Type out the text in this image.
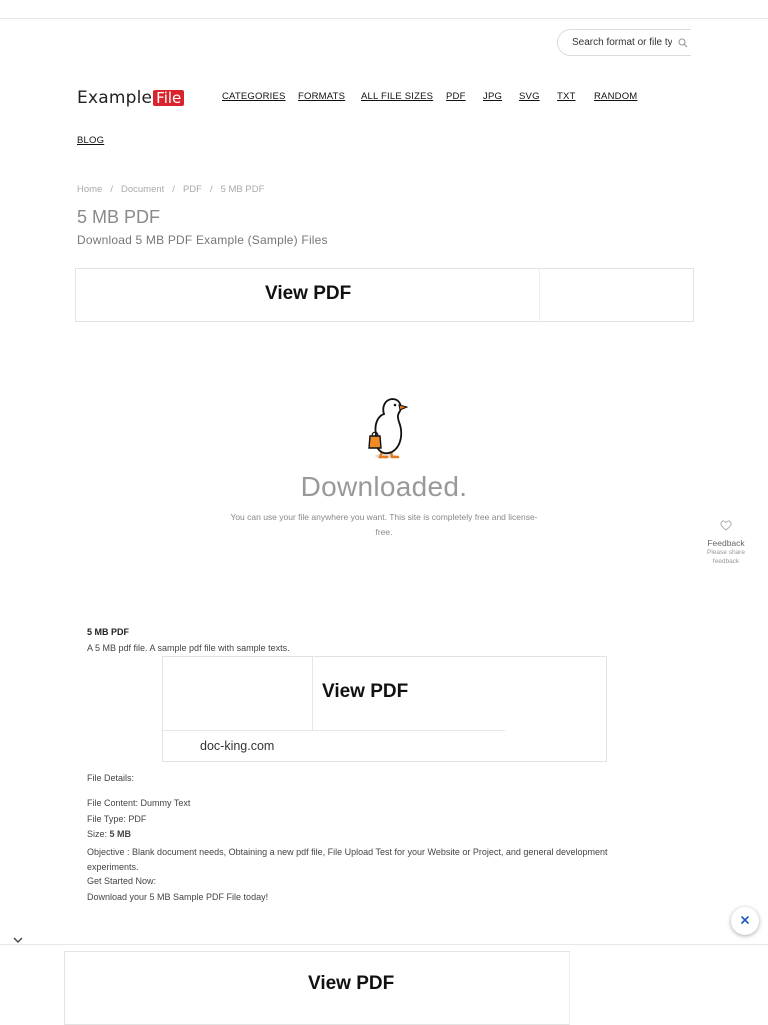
Search format or file type
Example File	CATEGORIES FORMATS ALL FILE SIZES PDF JPG SVG TXT RANDOM
BLOG
Home / Document / PDF / 5 MB PDF
5 MB PDF
Download 5 MB PDF Example (Sample) Files
View PDF
Downloaded.
You can use your file anywhere you want. This site is completely free and license-free.
Feedback
Please share feedback
5 MB PDF
A 5 MB pdf file. A sample pdf file with sample texts.
View PDF
doc-king.com
File Details:
File Content: Dummy Text
File Type: PDF
Size: 5 MB
Objective : Blank document needs, Obtaining a new pdf file, File Upload Test for your Website or Project, and general development experiments.
Get Started Now:
Download your 5 MB Sample PDF File today!
View PDF
